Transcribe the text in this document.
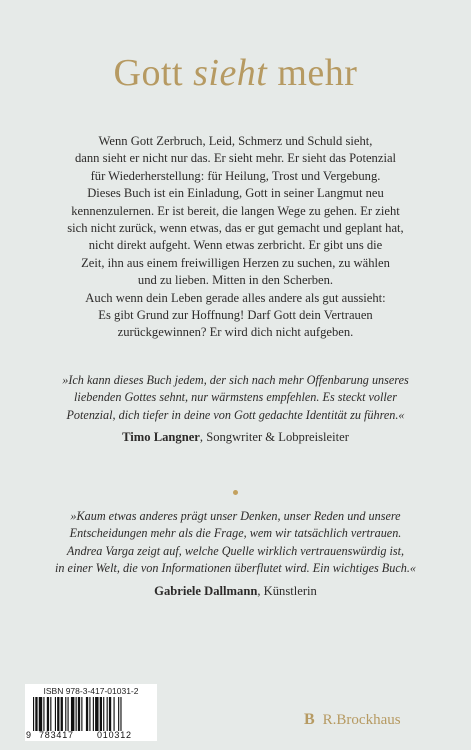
Gott sieht mehr

Wenn Gott Zerbruch, Leid, Schmerz und Schuld sieht,

dann sieht er nicht nur das. Er sieht mehr. Er sieht das Potenzial

für Wiederherstellung: für Heilung, Trost und Vergebung.

Dieses Buch ist ein Einladung, Gott in seiner Langmut neu

kennenzulernen. Er ist bereit, die langen Wege zu gehen. Er zieht

sich nicht zurück, wenn etwas, das er gut gemacht und geplant hat,

nicht direkt aufgeht. Wenn etwas zerbricht. Er gibt uns die

Zeit, ihn aus einem freiwilligen Herzen zu suchen, zu wählen

und zu lieben. Mitten in den Scherben.

Auch wenn dein Leben gerade alles andere als gut aussieht:

Es gibt Grund zur Hoffnung! Darf Gott dein Vertrauen

zurückgewinnen? Er wird dich nicht aufgeben.

»Ich kann dieses Buch jedem, der sich nach mehr Offenbarung unseres

liebenden Gottes sehnt, nur wärmstens empfehlen. Es steckt voller

Potenzial, dich tiefer in deine von Gott gedachte Identität zu führen.«

Timo Langner, Songwriter & Lobpreisleiter

»Kaum etwas anderes prägt unser Denken, unser Reden und unsere

Entscheidungen mehr als die Frage, wem wir tatsächlich vertrauen.

Andrea Varga zeigt auf, welche Quelle wirklich vertrauenswürdig ist,

in einer Welt, die von Informationen überflutet wird. Ein wichtiges Buch.«

Gabriele Dallmann, Künstlerin

ISBN 978-3-417-01031-2
9 783417	010312
B R.Brockhaus
